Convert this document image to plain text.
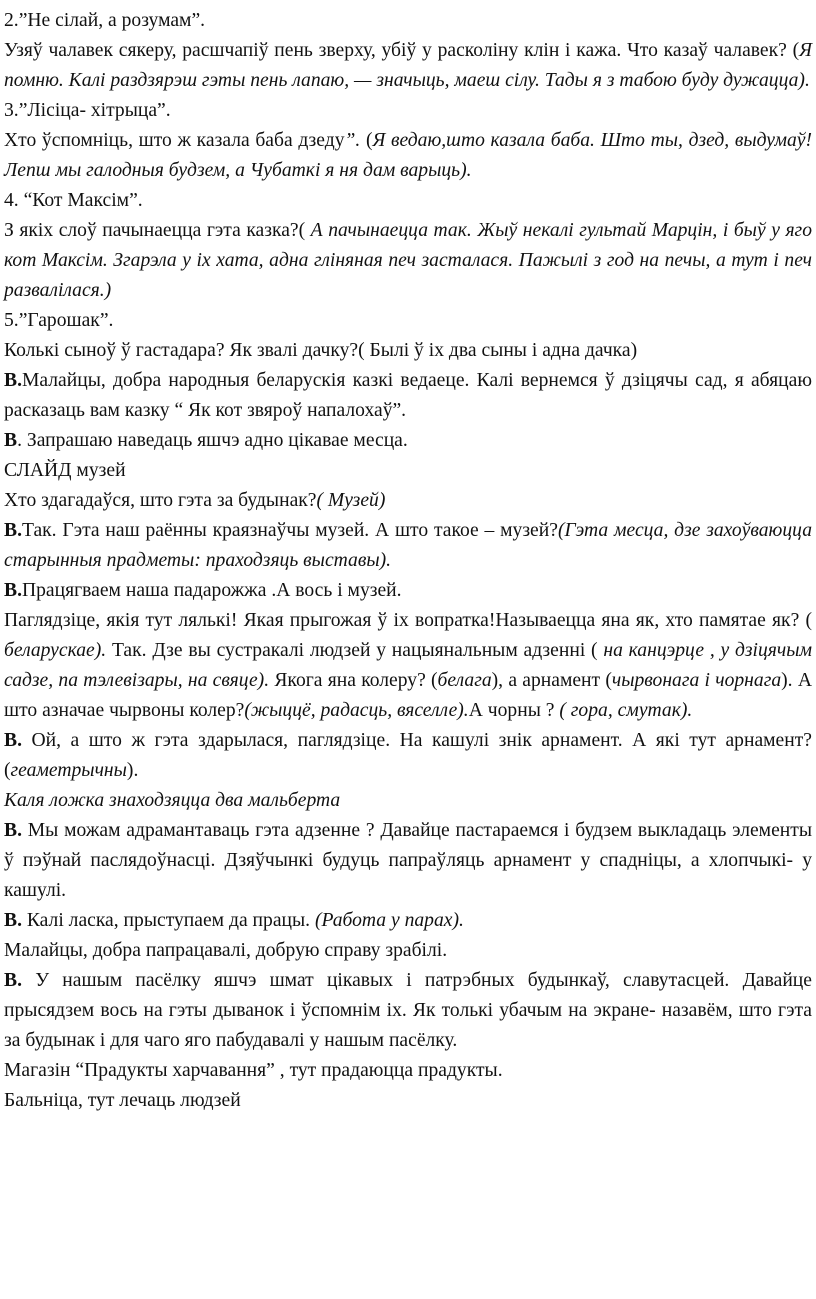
2.”Не сілай, а розумам”.

Узяў чалавек сякеру, расшчапіў пень зверху, убіў у расколіну клін і кажа. Что казаў чалавек? (Я помню. Калі раздзярэш гэты пень лапаю, — значыць, маеш сілу. Тады я з табою буду дужацца).

3.”Лісіца- хітрыца”.

Хто ўспомніць, што ж казала баба дзеду”. (Я ведаю,што казала баба. Што ты, дзед, выдумаў! Лепш мы галодныя будзем, а Чубаткі я ня дам варыць).

4. “Кот Максім”.

З якіх слоў пачынаецца гэта казка?( А пачынаецца так. Жыў некалі гультай Марцін, і быў у яго кот Максім. Згарэла у іх хата, адна гліняная печ засталася. Пажылі з год на печы, а тут і печ развалілася.)

5.”Гарошак”.

Колькі сыноў ў гастадара? Як звалі дачку?( Былі ў іх два сыны і адна дачка)

В.Малайцы, добра народныя беларускія казкі ведаеце. Калі вернемся ў дзіцячы сад, я абяцаю расказаць вам казку “ Як кот звяроў напалохаў”.

В. Запрашаю наведаць яшчэ адно цікавае месца.

СЛАЙД музей

Хто здагадаўся, што гэта за будынак?( Музей)

В.Так. Гэта наш раённы краязнаўчы музей. А што такое – музей?(Гэта месца, дзе захоўваюцца старынныя прадметы: праходзяць выставы).

В.Працягваем наша падарожжа .А вось і музей.

Паглядзіце, якія тут лялькі! Якая прыгожая ў іх вопратка!Называецца яна як, хто памятае як? ( беларускае). Так. Дзе вы сустракалі людзей у нацыянальным адзенні ( на канцэрце , у дзіцячым садзе, па тэлевізары, на свяце). Якога яна колеру? (белага), а арнамент (чырвонага і чорнага). А што азначае чырвоны колер?(жыццё, радасць, вяселле).А чорны ? ( гора, смутак).

В. Ой, а што ж гэта здарылася, паглядзіце. На кашулі знік арнамент. А які тут арнамент? (геаметрычны).

Каля ложка знаходзяцца два мальберта

В. Мы можам адрамантаваць гэта адзенне ? Давайце пастараемся і будзем выкладаць элементы ў пэўнай паслядоўнасці. Дзяўчынкі будуць папраўляць арнамент у спадніцы, а хлопчыкі- у кашулі.

В. Калі ласка, прыступаем да працы. (Работа у парах).

Малайцы, добра папрацавалі, добрую справу зрабілі.

В. У нашым пасёлку яшчэ шмат цікавых і патрэбных будынкаў, славутасцей. Давайце прысядзем вось на гэты дыванок і ўспомнім іх. Як толькі убачым на экране- назавём, што гэта за будынак і для чаго яго пабудавалі у нашым пасёлку.

Магазін “Прадукты харчавання” , тут прадаюцца прадукты.

Бальніца, тут лечаць людзей
